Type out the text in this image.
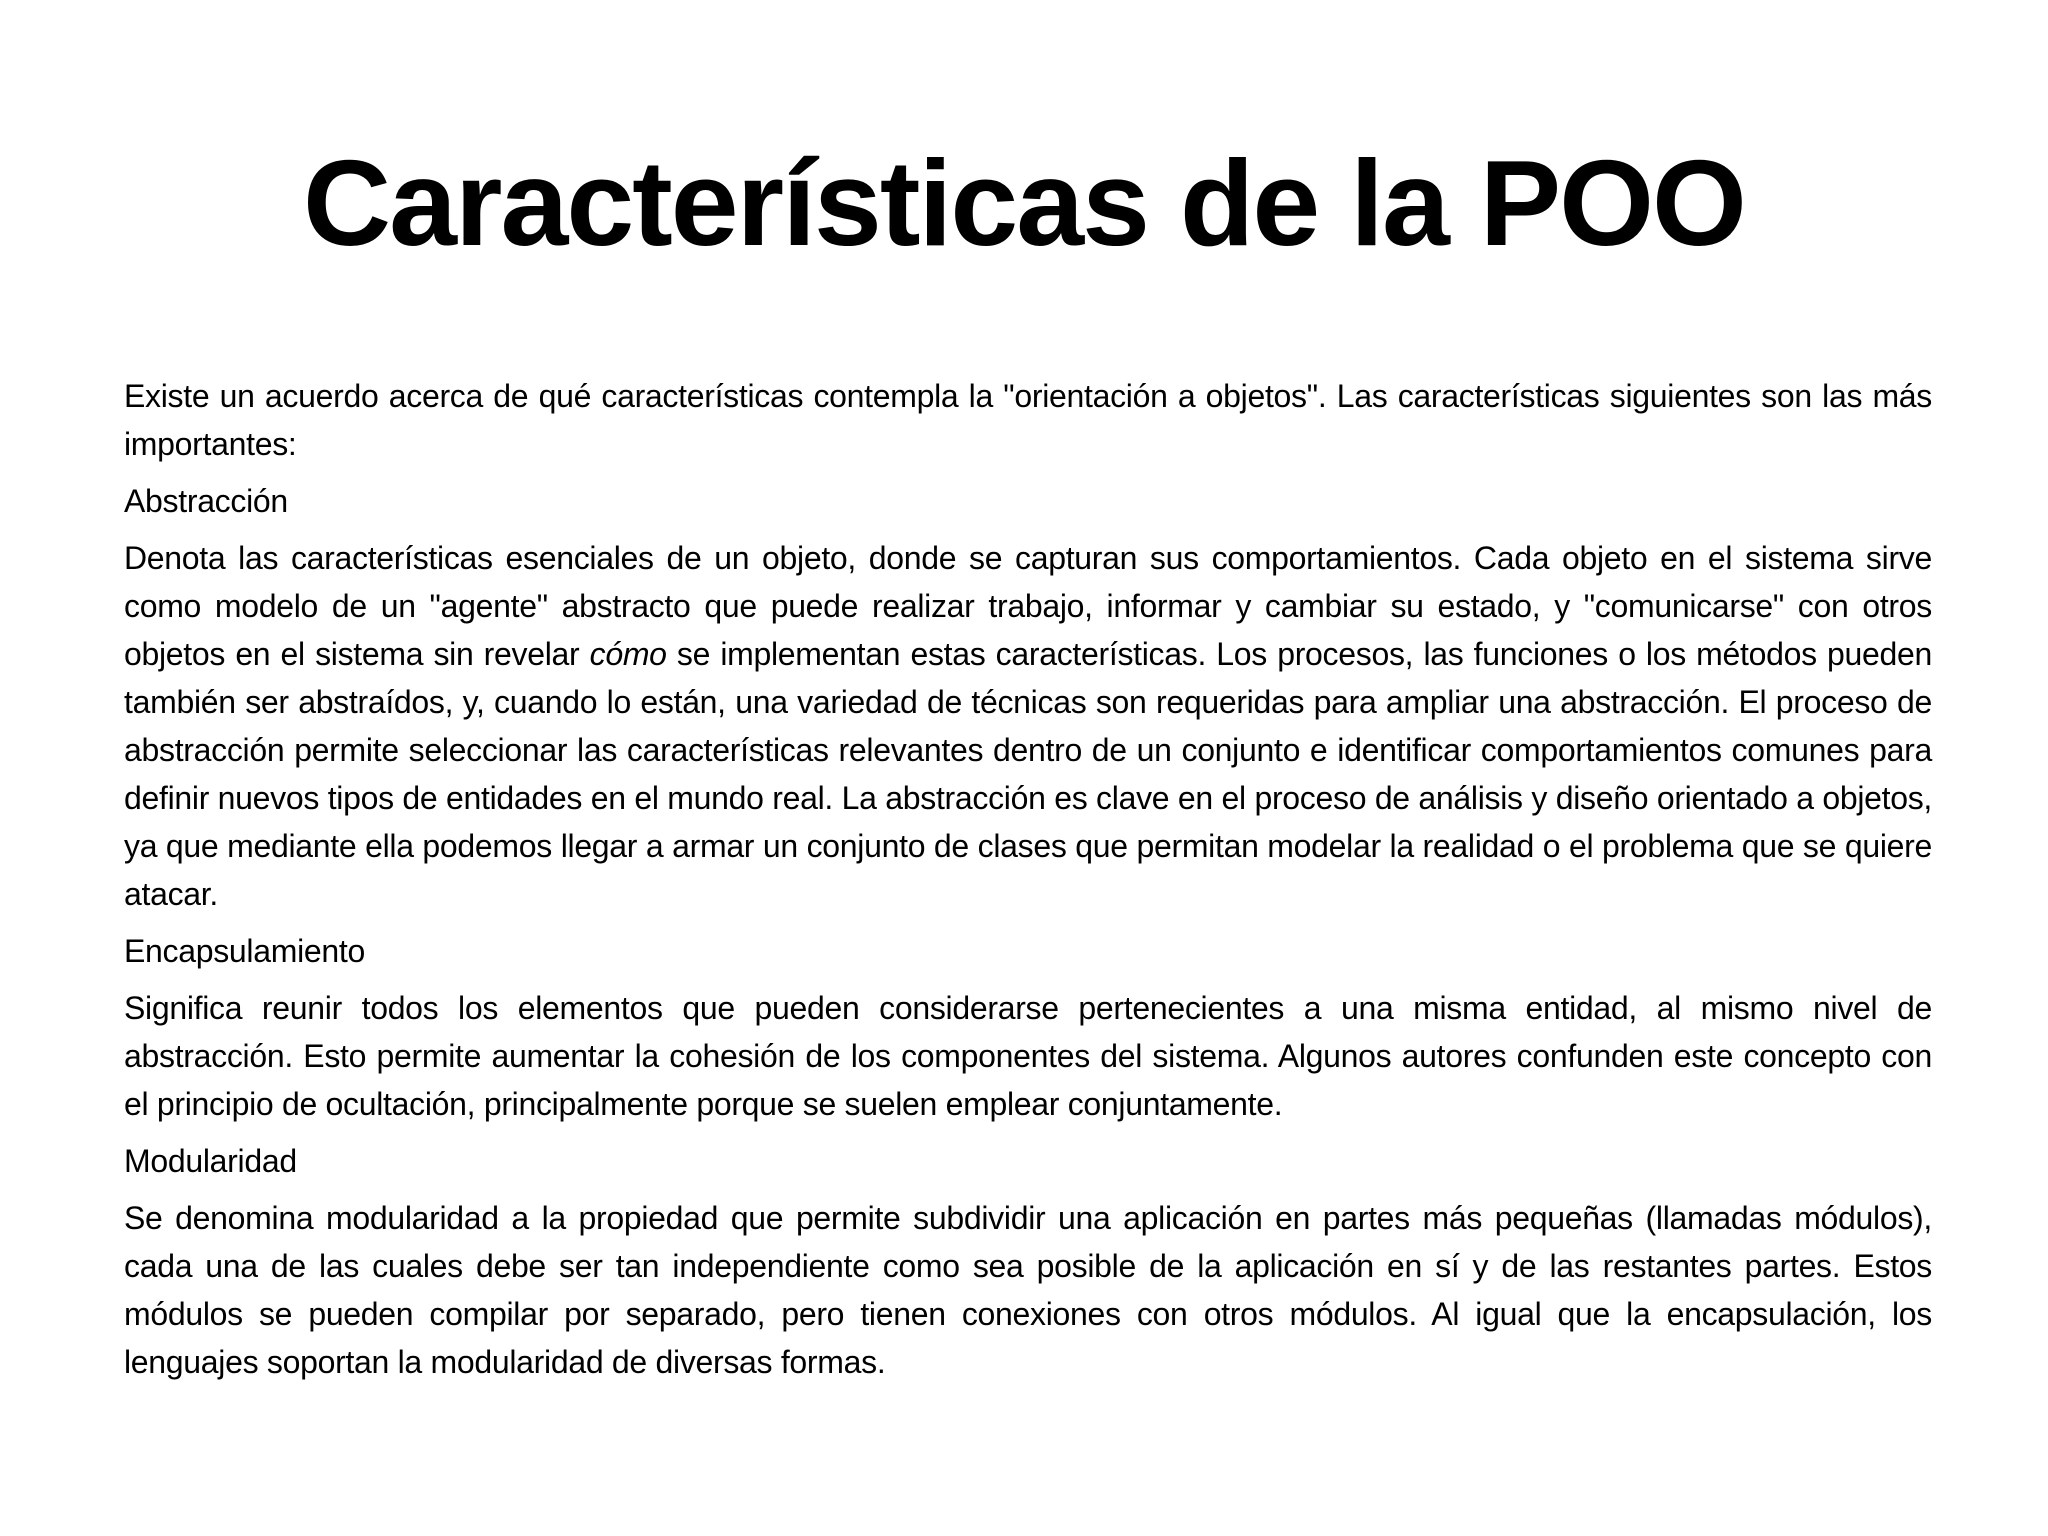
Características de la POO

Existe un acuerdo acerca de qué características contempla la "orientación a objetos". Las características siguientes son las más importantes:

Abstracción

Denota las características esenciales de un objeto, donde se capturan sus comportamientos. Cada objeto en el sistema sirve como modelo de un "agente" abstracto que puede realizar trabajo, informar y cambiar su estado, y "comunicarse" con otros objetos en el sistema sin revelar cómo se implementan estas características. Los procesos, las funciones o los métodos pueden también ser abstraídos, y, cuando lo están, una variedad de técnicas son requeridas para ampliar una abstracción. El proceso de abstracción permite seleccionar las características relevantes dentro de un conjunto e identificar comportamientos comunes para definir nuevos tipos de entidades en el mundo real. La abstracción es clave en el proceso de análisis y diseño orientado a objetos, ya que mediante ella podemos llegar a armar un conjunto de clases que permitan modelar la realidad o el problema que se quiere atacar.

Encapsulamiento

Significa reunir todos los elementos que pueden considerarse pertenecientes a una misma entidad, al mismo nivel de abstracción. Esto permite aumentar la cohesión de los componentes del sistema. Algunos autores confunden este concepto con el principio de ocultación, principalmente porque se suelen emplear conjuntamente.

Modularidad

Se denomina modularidad a la propiedad que permite subdividir una aplicación en partes más pequeñas (llamadas módulos), cada una de las cuales debe ser tan independiente como sea posible de la aplicación en sí y de las restantes partes. Estos módulos se pueden compilar por separado, pero tienen conexiones con otros módulos. Al igual que la encapsulación, los lenguajes soportan la modularidad de diversas formas.
